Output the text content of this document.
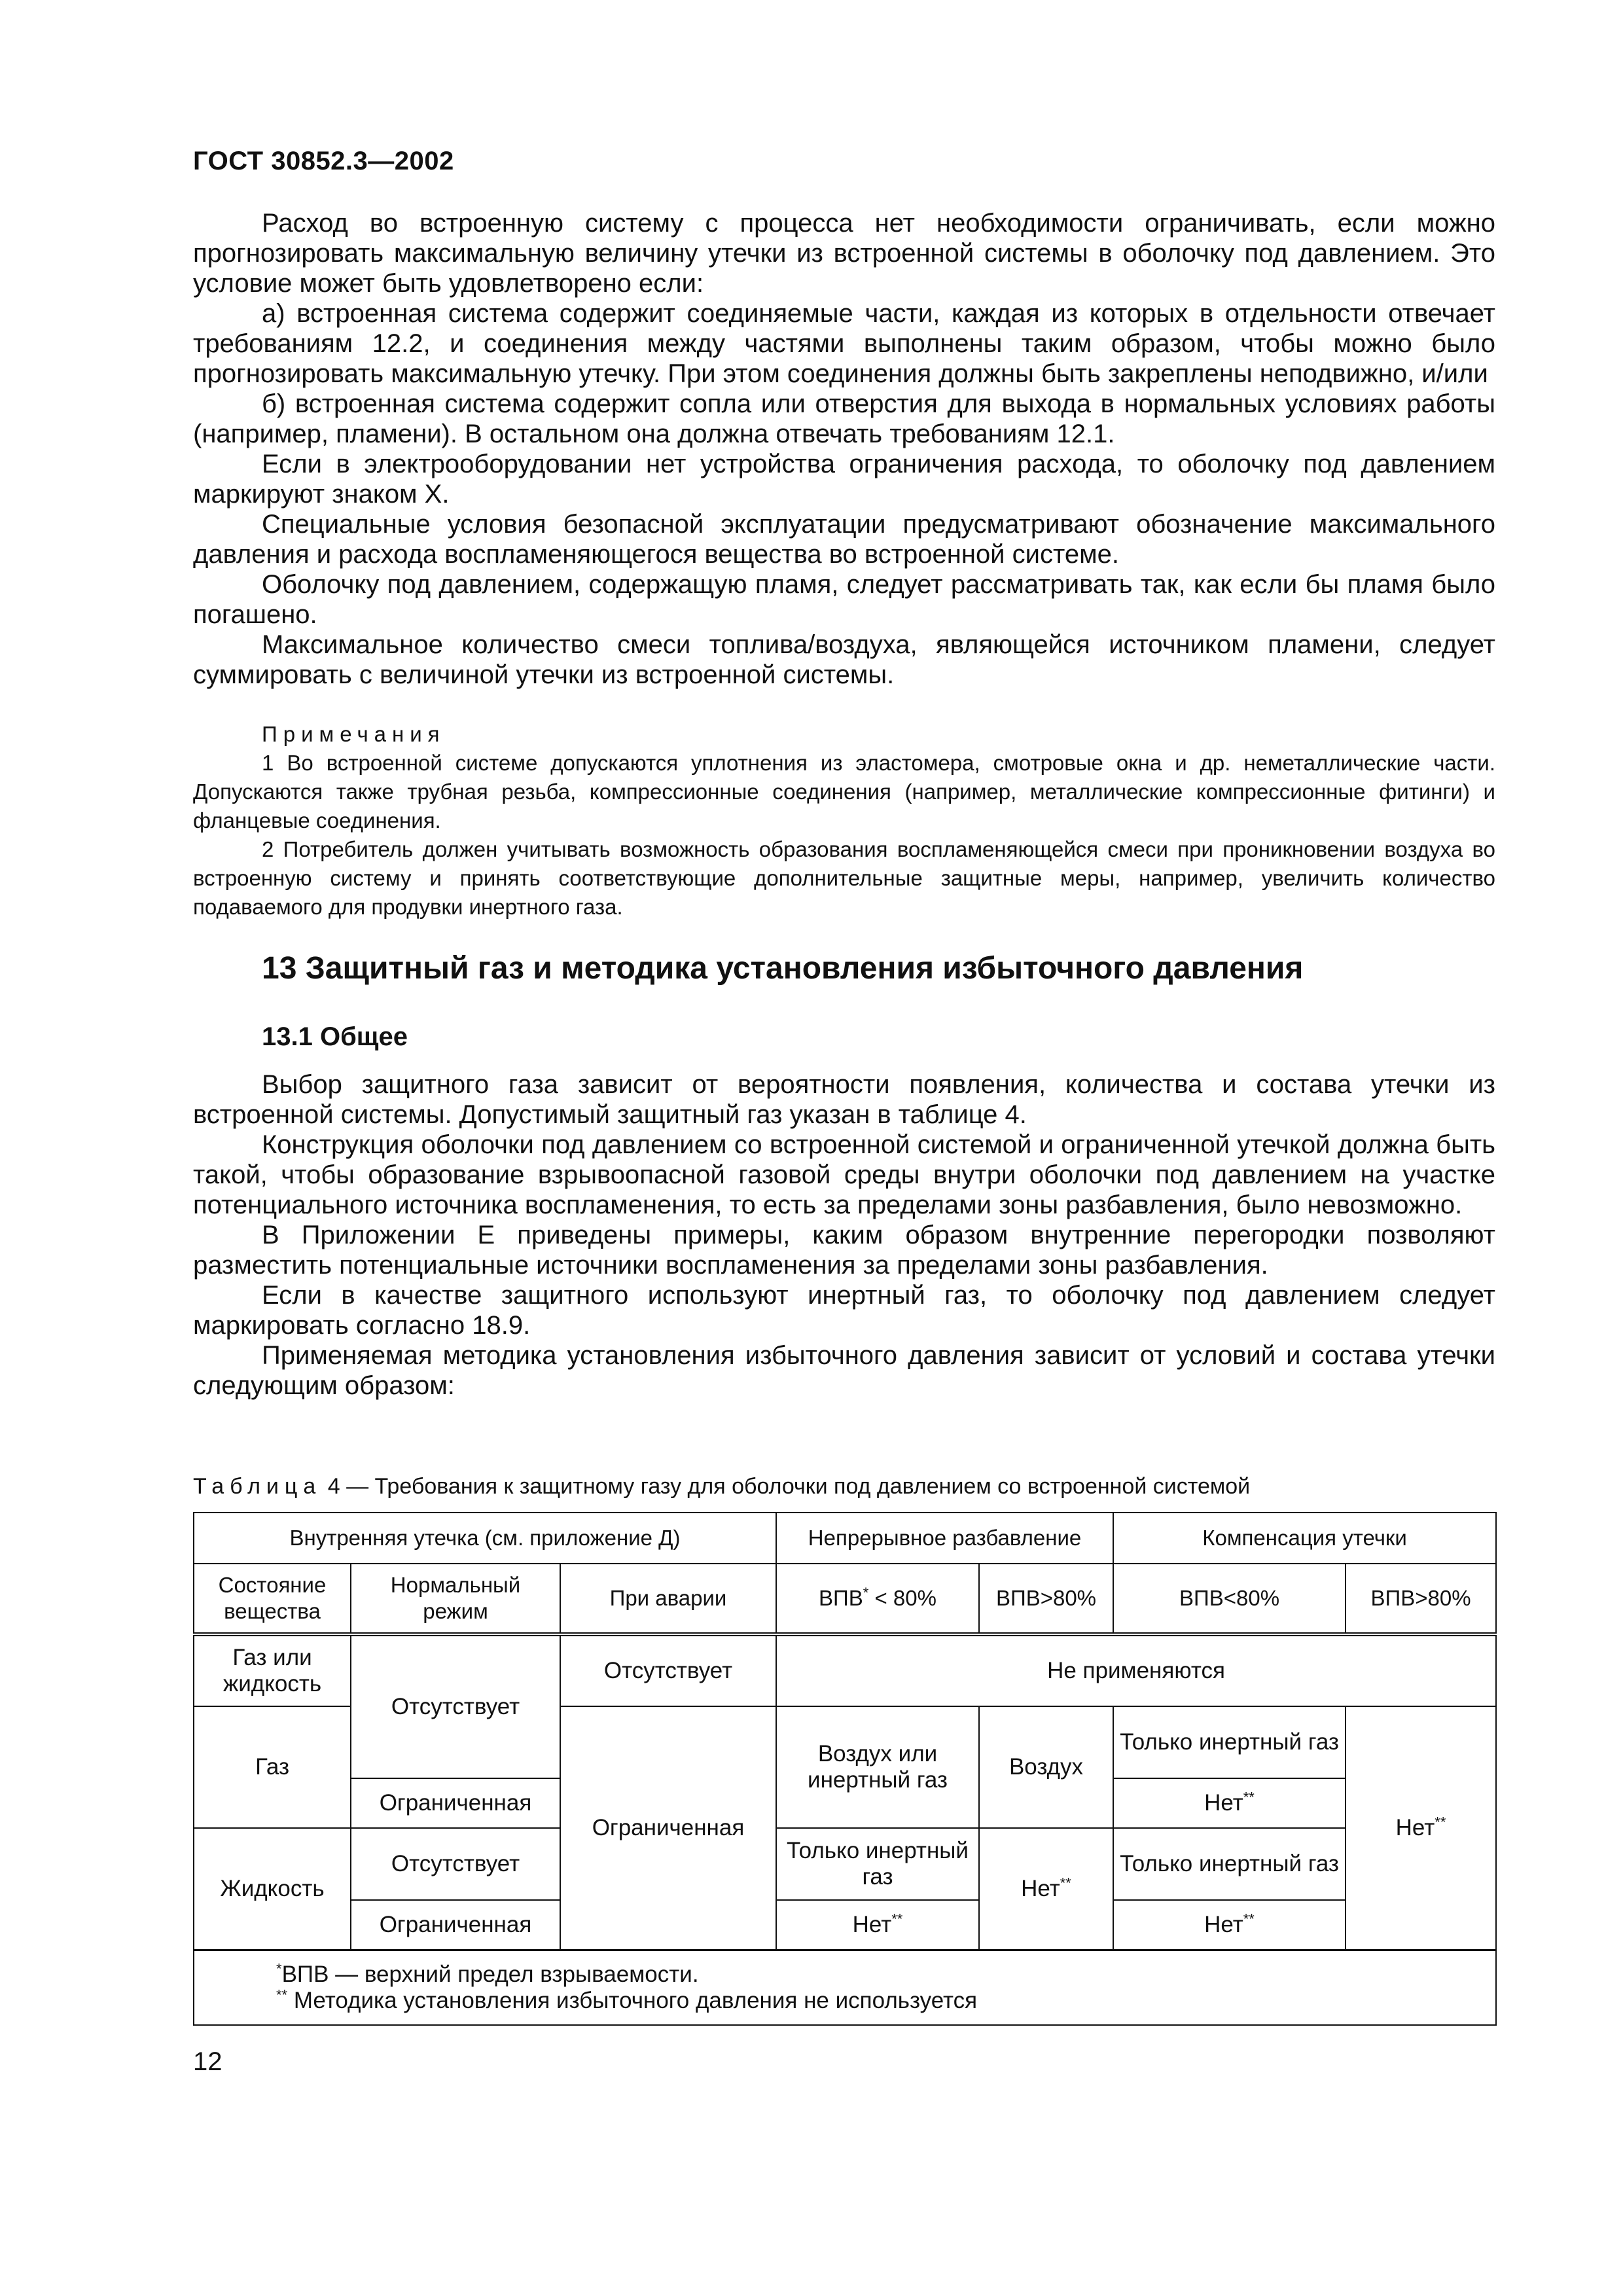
ГОСТ 30852.3—2002

Расход во встроенную систему с процесса нет необходимости ограничивать, если можно прогнозировать максимальную величину утечки из встроенной системы в оболочку под давлением. Это условие может быть удовлетворено если:

а) встроенная система содержит соединяемые части, каждая из которых в отдельности отвечает требованиям 12.2, и соединения между частями выполнены таким образом, чтобы можно было прогнозировать максимальную утечку. При этом соединения должны быть закреплены неподвижно, и/или

б) встроенная система содержит сопла или отверстия для выхода в нормальных условиях работы (например, пламени). В остальном она должна отвечать требованиям 12.1.

Если в электрооборудовании нет устройства ограничения расхода, то оболочку под давлением маркируют знаком X.

Специальные условия безопасной эксплуатации предусматривают обозначение максимального давления и расхода воспламеняющегося вещества во встроенной системе.

Оболочку под давлением, содержащую пламя, следует рассматривать так, как если бы пламя было погашено.

Максимальное количество смеси топлива/воздуха, являющейся источником пламени, следует суммировать с величиной утечки из встроенной системы.

Примечания

1 Во встроенной системе допускаются уплотнения из эластомера, смотровые окна и др. неметаллические части. Допускаются также трубная резьба, компрессионные соединения (например, металлические компрессионные фитинги) и фланцевые соединения.

2 Потребитель должен учитывать возможность образования воспламеняющейся смеси при проникновении воздуха во встроенную систему и принять соответствующие дополнительные защитные меры, например, увеличить количество подаваемого для продувки инертного газа.

13 Защитный газ и методика установления избыточного давления
13.1 Общее

Выбор защитного газа зависит от вероятности появления, количества и состава утечки из встроенной системы. Допустимый защитный газ указан в таблице 4.

Конструкция оболочки под давлением со встроенной системой и ограниченной утечкой должна быть такой, чтобы образование взрывоопасной газовой среды внутри оболочки под давлением на участке потенциального источника воспламенения, то есть за пределами зоны разбавления, было невозможно.

В Приложении Е приведены примеры, каким образом внутренние перегородки позволяют разместить потенциальные источники воспламенения за пределами зоны разбавления.

Если в качестве защитного используют инертный газ, то оболочку под давлением следует маркировать согласно 18.9.

Применяемая методика установления избыточного давления зависит от условий и состава утечки следующим образом:

Таблица 4 — Требования к защитному газу для оболочки под давлением со встроенной системой
Внутренняя утечка (см. приложение Д)			Непрерывное разбавление		Компенсация утечки	
Состояние вещества	Нормальный режим	При аварии	ВПВ* < 80%	ВПВ>80%	ВПВ<80%	ВПВ>80%
Газ или жидкость	Отсутствует	Отсутствует	Не применяются			
Газ		Ограниченная	Воздух или инертный газ	Воздух	Только инертный газ	Нет**
	Ограниченная				Нет**
Жидкость	Отсутствует		Только инертный газ	Нет**	Только инертный газ	
	Ограниченная		Нет**		Нет**

*ВПВ — верхний предел взрываемости.
** Методика установления избыточного давления не используется						
12
